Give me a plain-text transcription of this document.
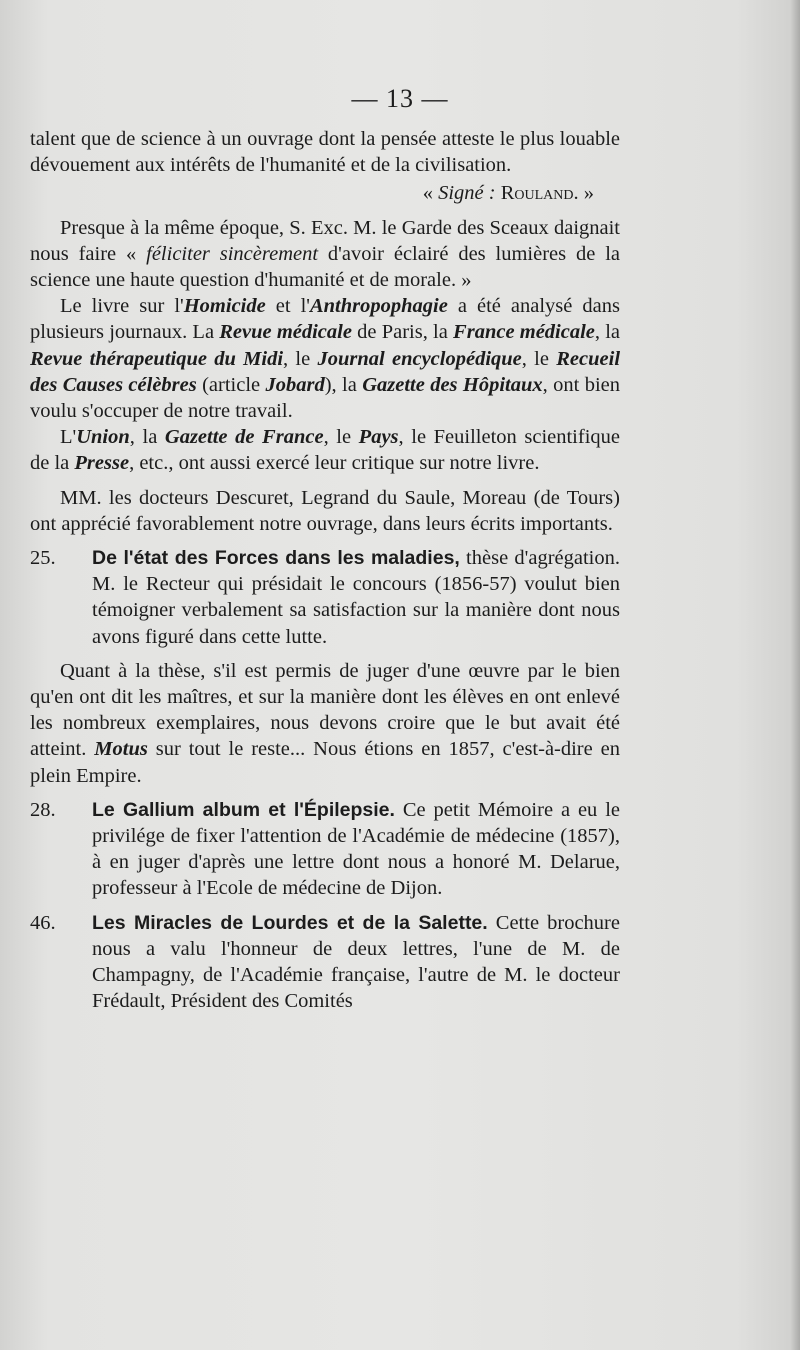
— 13 —

talent que de science à un ouvrage dont la pensée atteste le plus louable dévouement aux intérêts de l'humanité et de la civilisation.

« Signé : Rouland. »

Presque à la même époque, S. Exc. M. le Garde des Sceaux daignait nous faire « féliciter sincèrement d'avoir éclairé des lumières de la science une haute question d'humanité et de morale. »

Le livre sur l'Homicide et l'Anthropophagie a été analysé dans plusieurs journaux. La Revue médicale de Paris, la France médicale, la Revue thérapeutique du Midi, le Journal encyclopédique, le Recueil des Causes célèbres (article Jobard), la Gazette des Hôpitaux, ont bien voulu s'occuper de notre travail.

L'Union, la Gazette de France, le Pays, le Feuilleton scientifique de la Presse, etc., ont aussi exercé leur critique sur notre livre.

MM. les docteurs Descuret, Legrand du Saule, Moreau (de Tours) ont apprécié favorablement notre ouvrage, dans leurs écrits importants.

25. De l'état des Forces dans les maladies, thèse d'agrégation. M. le Recteur qui présidait le concours (1856-57) voulut bien témoigner verbalement sa satisfaction sur la manière dont nous avons figuré dans cette lutte.

Quant à la thèse, s'il est permis de juger d'une œuvre par le bien qu'en ont dit les maîtres, et sur la manière dont les élèves en ont enlevé les nombreux exemplaires, nous devons croire que le but avait été atteint. Motus sur tout le reste... Nous étions en 1857, c'est-à-dire en plein Empire.

28. Le Gallium album et l'Épilepsie. Ce petit Mémoire a eu le privilége de fixer l'attention de l'Académie de médecine (1857), à en juger d'après une lettre dont nous a honoré M. Delarue, professeur à l'Ecole de médecine de Dijon.

46. Les Miracles de Lourdes et de la Salette. Cette brochure nous a valu l'honneur de deux lettres, l'une de M. de Champagny, de l'Académie française, l'autre de M. le docteur Frédault, Président des Comités
